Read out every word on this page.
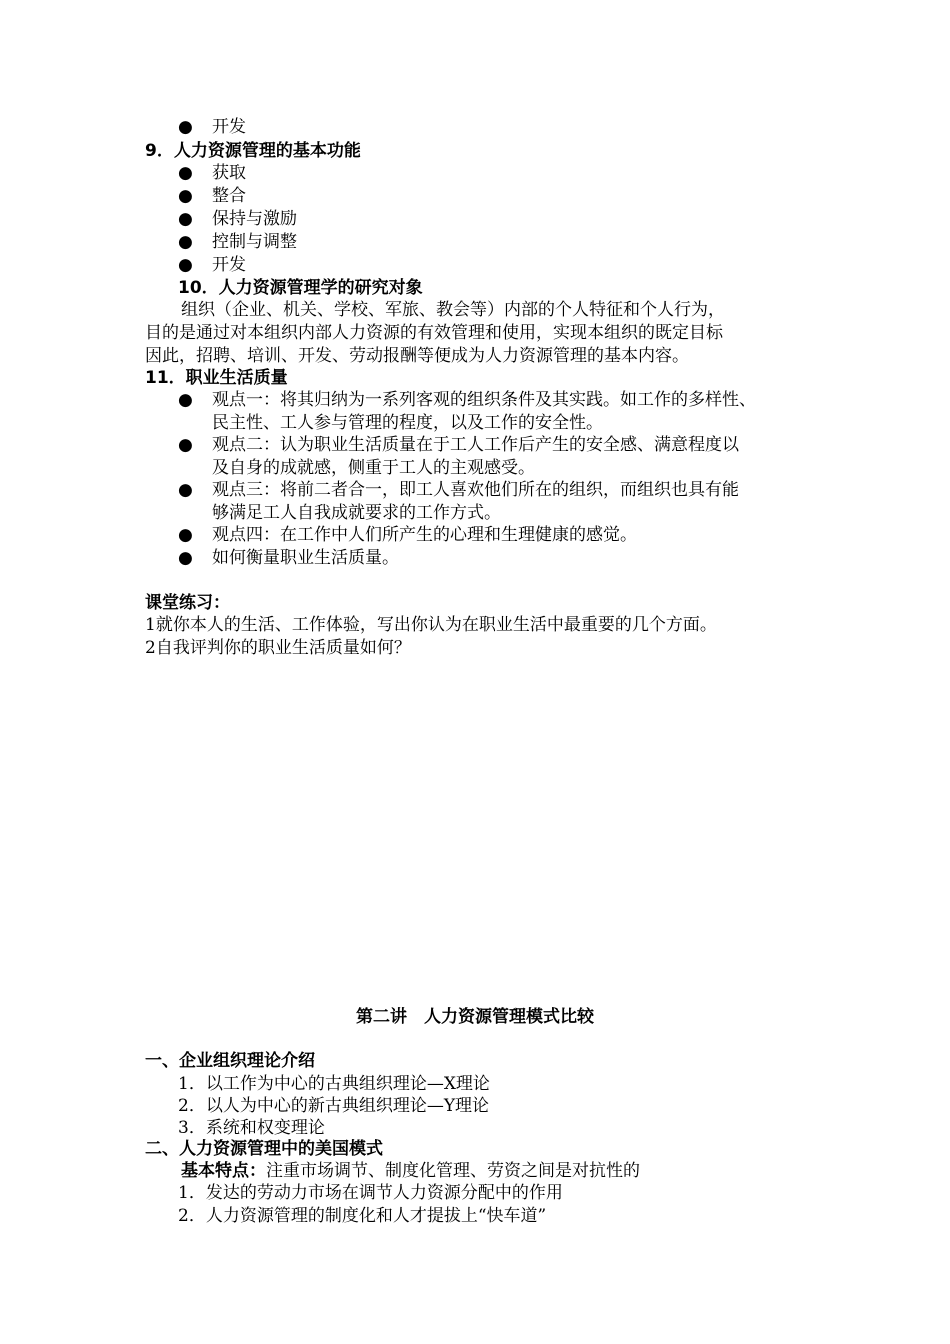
● 开发
9．人力资源管理的基本功能
● 获取
● 整合
● 保持与激励
● 控制与调整
● 开发
10．人力资源管理学的研究对象
组织（企业、机关、学校、军旅、教会等）内部的个人特征和个人行为，
目的是通过对本组织内部人力资源的有效管理和使用，实现本组织的既定目标
因此，招聘、培训、开发、劳动报酬等便成为人力资源管理的基本内容。
11．职业生活质量
● 观点一：将其归纳为一系列客观的组织条件及其实践。如工作的多样性、
民主性、工人参与管理的程度，以及工作的安全性。
● 观点二：认为职业生活质量在于工人工作后产生的安全感、满意程度以
及自身的成就感，侧重于工人的主观感受。
● 观点三：将前二者合一，即工人喜欢他们所在的组织，而组织也具有能
够满足工人自我成就要求的工作方式。
● 观点四：在工作中人们所产生的心理和生理健康的感觉。
● 如何衡量职业生活质量。
课堂练习：
1就你本人的生活、工作体验，写出你认为在职业生活中最重要的几个方面。
2自我评判你的职业生活质量如何？
第二讲　人力资源管理模式比较
一、企业组织理论介绍
1．以工作为中心的古典组织理论—X理论
2．以人为中心的新古典组织理论—Y理论
3．系统和权变理论
二、人力资源管理中的美国模式
基本特点：注重市场调节、制度化管理、劳资之间是对抗性的
1．发达的劳动力市场在调节人力资源分配中的作用
2．人力资源管理的制度化和人才提拔上“快车道”
